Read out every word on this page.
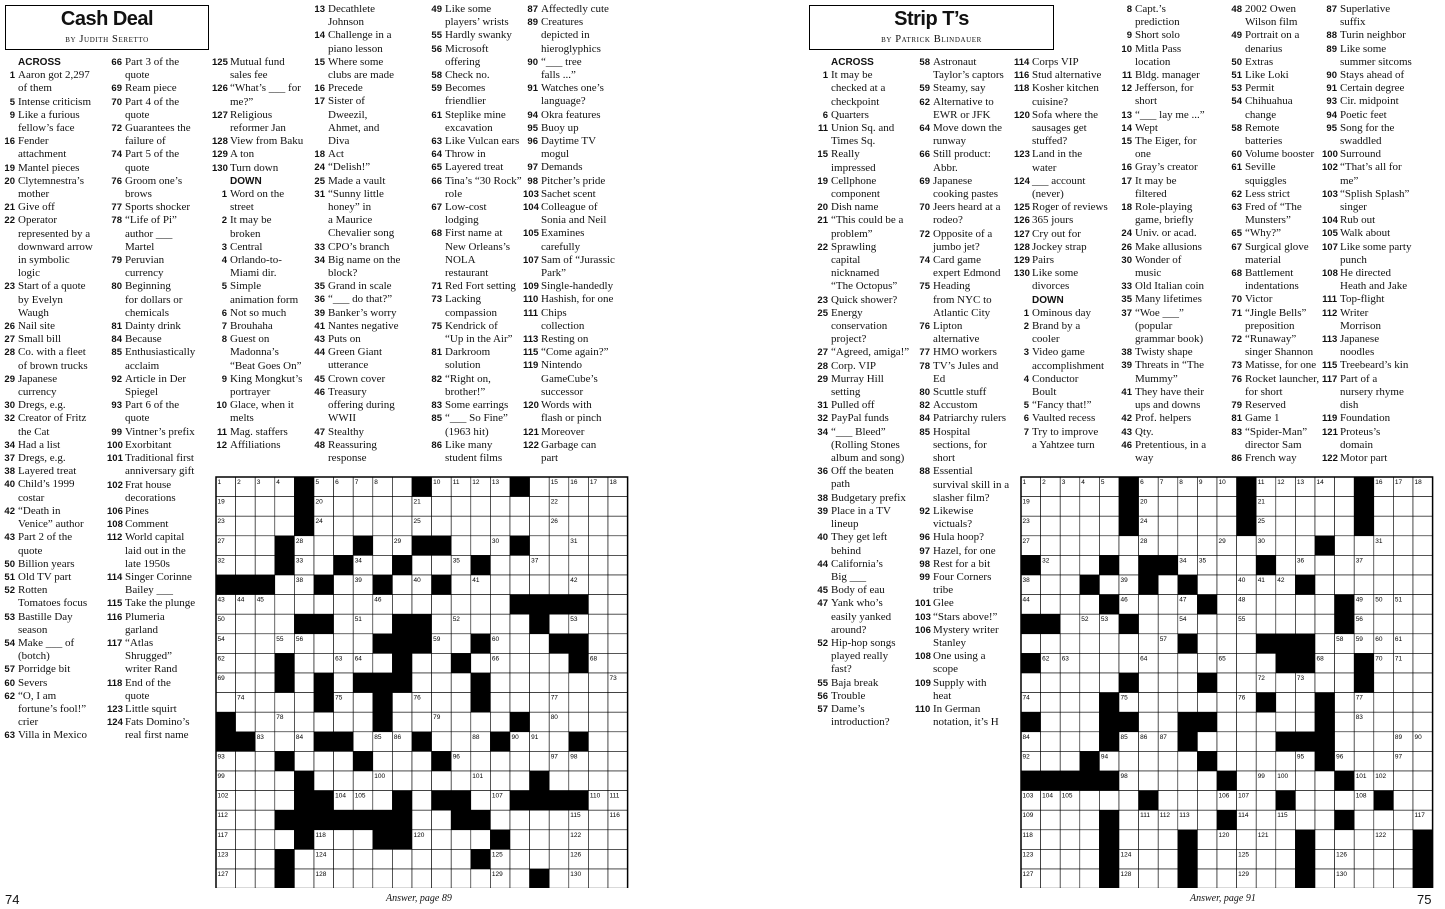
Cash Deal
by Judith Seretto
ACROSS
1 Aaron got 2,297
of them
5 Intense criticism
9 Like a furious
fellow’s face
16 Fender
attachment
19 Mantel pieces
20 Clytemnestra’s
mother
21 Give off
22 Operator
represented by a
downward arrow
in symbolic
logic
23 Start of a quote
by Evelyn
Waugh
26 Nail site
27 Small bill
28 Co. with a fleet
of brown trucks
29 Japanese
currency
30 Dregs, e.g.
32 Creator of Fritz
the Cat
34 Had a list
37 Dregs, e.g.
38 Layered treat
40 Child’s 1999
costar
42 “Death in
Venice” author
43 Part 2 of the
quote
50 Billion years
51 Old TV part
52 Rotten
Tomatoes focus
53 Bastille Day
season
54 Make ___ of
(botch)
57 Porridge bit
60 Severs
62 “O, I am
fortune’s fool!”
crier
63 Villa in Mexico
66 Part 3 of the
quote
69 Ream piece
70 Part 4 of the
quote
72 Guarantees the
failure of
74 Part 5 of the
quote
76 Groom one’s
brows
77 Sports shocker
78 “Life of Pi”
author ___
Martel
79 Peruvian
currency
80 Beginning
for dollars or
chemicals
81 Dainty drink
84 Because
85 Enthusiastically
acclaim
92 Article in Der
Spiegel
93 Part 6 of the
quote
99 Vintner’s prefix
100 Exorbitant
101 Traditional first
anniversary gift
102 Frat house
decorations
106 Pines
108 Comment
112 World capital
laid out in the
late 1950s
114 Singer Corinne
Bailey ___
115 Take the plunge
116 Plumeria
garland
117 “Atlas
Shrugged”
writer Rand
118 End of the
quote
123 Little squirt
124 Fats Domino’s
real first name
125 Mutual fund
sales fee
126 “What’s ___ for
me?”
127 Religious
reformer Jan
128 View from Baku
129 A ton
130 Turn down
DOWN
1 Word on the
street
2 It may be
broken
3 Central
4 Orlando-to-
Miami dir.
5 Simple
animation form
6 Not so much
7 Brouhaha
8 Guest on
Madonna’s
“Beat Goes On”
9 King Mongkut’s
portrayer
10 Glace, when it
melts
11 Mag. staffers
12 Affiliations
13 Decathlete
Johnson
14 Challenge in a
piano lesson
15 Where some
clubs are made
16 Precede
17 Sister of
Dweezil,
Ahmet, and
Diva
18 Act
24 “Delish!”
25 Made a vault
31 “Sunny little
honey” in
a Maurice
Chevalier song
33 CPO’s branch
34 Big name on the
block?
35 Grand in scale
36 “___ do that?”
39 Banker’s worry
41 Nantes negative
43 Puts on
44 Green Giant
utterance
45 Crown cover
46 Treasury
offering during
WWII
47 Stealthy
48 Reassuring
response
49 Like some
players’ wrists
55 Hardly swanky
56 Microsoft
offering
58 Check no.
59 Becomes
friendlier
61 Steplike mine
excavation
63 Like Vulcan ears
64 Throw in
65 Layered treat
66 Tina’s “30 Rock”
role
67 Low-cost
lodging
68 First name at
New Orleans’s
NOLA
restaurant
71 Red Fort setting
73 Lacking
compassion
75 Kendrick of
“Up in the Air”
81 Darkroom
solution
82 “Right on,
brother!”
83 Some earrings
85 “___ So Fine”
(1963 hit)
86 Like many
student films
87 Affectedly cute
89 Creatures
depicted in
hieroglyphics
90 “___ tree
falls ...”
91 Watches one’s
language?
94 Okra features
95 Buoy up
96 Daytime TV
mogul
97 Demands
98 Pitcher’s pride
103 Sachet scent
104 Colleague of
Sonia and Neil
105 Examines
carefully
107 Sam of “Jurassic
Park”
109 Single-handedly
110 Hashish, for one
111 Chips
collection
113 Resting on
115 “Come again?”
119 Nintendo
GameCube’s
successor
120 Words with
flash or pinch
121 Moreover
122 Garbage can
part
1 2 3 4	5 6 7 8	10 11 12 13	15 16 17 18
19	20	21	22
23	24	25	26
27	28	29	30	31
32	33	34	35	37
38	39	40	41	42
43 44 45	46
50	51	52	53
54	55 56	59	60
62	63 64	66	68
69	73
74	75	76	77
78	79	80
83	84	85 86	88	90 91
93	96	97 98
99	100	101
102	104 105	107	110 111
112	115	116
117	118	120	122
123	124	125	126
127	128	129	130
74	Answer, page 89
Strip T’s
by Patrick Blindauer
ACROSS
1 It may be
checked at a
checkpoint
6 Quarters
11 Union Sq. and
Times Sq.
15 Really
impressed
19 Cellphone
component
20 Dish name
21 “This could be a
problem”
22 Sprawling
capital
nicknamed
“The Octopus”
23 Quick shower?
25 Energy
conservation
project?
27 “Agreed, amiga!”
28 Corp. VIP
29 Murray Hill
setting
31 Pulled off
32 PayPal funds
34 “___ Bleed”
(Rolling Stones
album and song)
36 Off the beaten
path
38 Budgetary prefix
39 Place in a TV
lineup
40 They get left
behind
44 California’s
Big ___
45 Body of eau
47 Yank who’s
easily yanked
around?
52 Hip-hop songs
played really
fast?
55 Baja break
56 Trouble
57 Dame’s
introduction?
58 Astronaut
Taylor’s captors
59 Steamy, say
62 Alternative to
EWR or JFK
64 Move down the
runway
66 Still product:
Abbr.
69 Japanese
cooking pastes
70 Jeers heard at a
rodeo?
72 Opposite of a
jumbo jet?
74 Card game
expert Edmond
75 Heading
from NYC to
Atlantic City
76 Lipton
alternative
77 HMO workers
78 TV’s Jules and
Ed
80 Scuttle stuff
82 Accustom
84 Patriarchy rulers
85 Hospital
sections, for
short
88 Essential
survival skill in a
slasher film?
92 Likewise
victuals?
96 Hula hoop?
97 Hazel, for one
98 Rest for a bit
99 Four Corners
tribe
101 Glee
103 “Stars above!”
106 Mystery writer
Stanley
108 One using a
scope
109 Supply with
heat
110 In German
notation, it’s H
114 Corps VIP
116 Stud alternative
118 Kosher kitchen
cuisine?
120 Sofa where the
sausages get
stuffed?
123 Land in the
water
124 ___ account
(never)
125 Roger of reviews
126 365 jours
127 Cry out for
128 Jockey strap
129 Pairs
130 Like some
divorces
DOWN
1 Ominous day
2 Brand by a
cooler
3 Video game
accomplishment
4 Conductor
Boult
5 “Fancy that!”
6 Vaulted recess
7 Try to improve
a Yahtzee turn
8 Capt.’s
prediction
9 Short solo
10 Mitla Pass
location
11 Bldg. manager
12 Jefferson, for
short
13 “___ lay me ...”
14 Wept
15 The Eiger, for
one
16 Gray’s creator
17 It may be
filtered
18 Role-playing
game, briefly
24 Univ. or acad.
26 Make allusions
30 Wonder of
music
33 Old Italian coin
35 Many lifetimes
37 “Woe ___”
(popular
grammar book)
38 Twisty shape
39 Threats in “The
Mummy”
41 They have their
ups and downs
42 Prof. helpers
43 Qty.
46 Pretentious, in a
way
48 2002 Owen
Wilson film
49 Portrait on a
denarius
50 Extras
51 Like Loki
53 Permit
54 Chihuahua
change
58 Remote
batteries
60 Volume booster
61 Seville
squiggles
62 Less strict
63 Fred of “The
Munsters”
65 “Why?”
67 Surgical glove
material
68 Battlement
indentations
70 Victor
71 “Jingle Bells”
preposition
72 “Runaway”
singer Shannon
73 Matisse, for one
76 Rocket launcher,
for short
79 Reserved
81 Game 1
83 “Spider-Man”
director Sam
86 French way
87 Superlative
suffix
88 Turin neighbor
89 Like some
summer sitcoms
90 Stays ahead of
91 Certain degree
93 Cir. midpoint
94 Poetic feet
95 Song for the
swaddled
100 Surround
102 “That’s all for
me”
103 “Splish Splash”
singer
104 Rub out
105 Walk about
107 Like some party
punch
108 He directed
Heath and Jake
111 Top-flight
112 Writer
Morrison
113 Japanese
noodles
115 Treebeard’s kin
117 Part of a
nursery rhyme
dish
119 Foundation
121 Proteus’s
domain
122 Motor part
1 2 3 4 5	6 7 8 9 10	11 12 13 14	16 17 18
19	20	21
23	24	25
27	28	29	30	31
32	34 35	36	37
38	39	40 41 42
44	46	47	48	49 50 51
52 53	54	55	56
57	58 59 60 61
62 63	64	65	68	70 71
72	73
74	75	76	77
83
84	85 86 87	89 90
92	94	95	96	97
98	99 100	101 102
103 104 105	106 107	108
109	111 112 113	114	115	117
118	120	121	122
123	124	125	126
127	128	129	130
75
Answer, page 91
